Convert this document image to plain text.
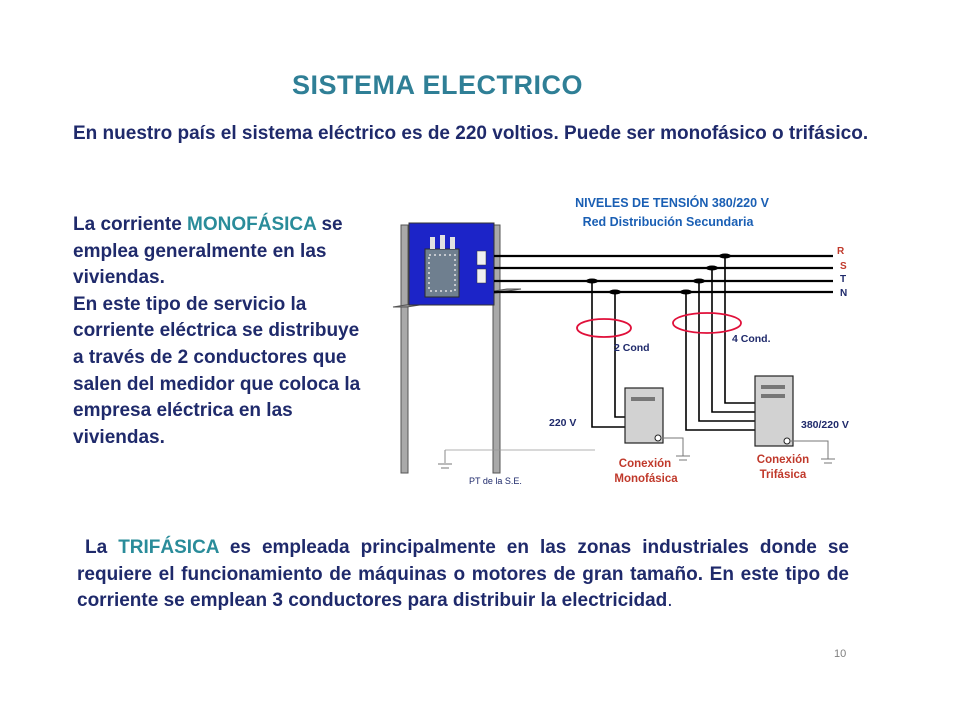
SISTEMA ELECTRICO
En nuestro país el sistema eléctrico es de 220 voltios. Puede ser monofásico o trifásico.
La corriente MONOFÁSICA se emplea generalmente en las viviendas.
En este tipo de servicio la corriente eléctrica se distribuye a través de 2 conductores que salen del medidor que coloca la empresa eléctrica en las viviendas.
NIVELES DE TENSIÓN 380/220 V
Red Distribución Secundaria
R
S
T
N
2 Cond
220 V
Conexión
Monofásica
4 Cond.
380/220 V
Conexión
Trifásica
PT de la S.E.
La TRIFÁSICA es empleada principalmente en las zonas industriales donde se requiere el funcionamiento de máquinas o motores de gran tamaño. En este tipo de corriente se emplean 3 conductores para distribuir la electricidad.
10
